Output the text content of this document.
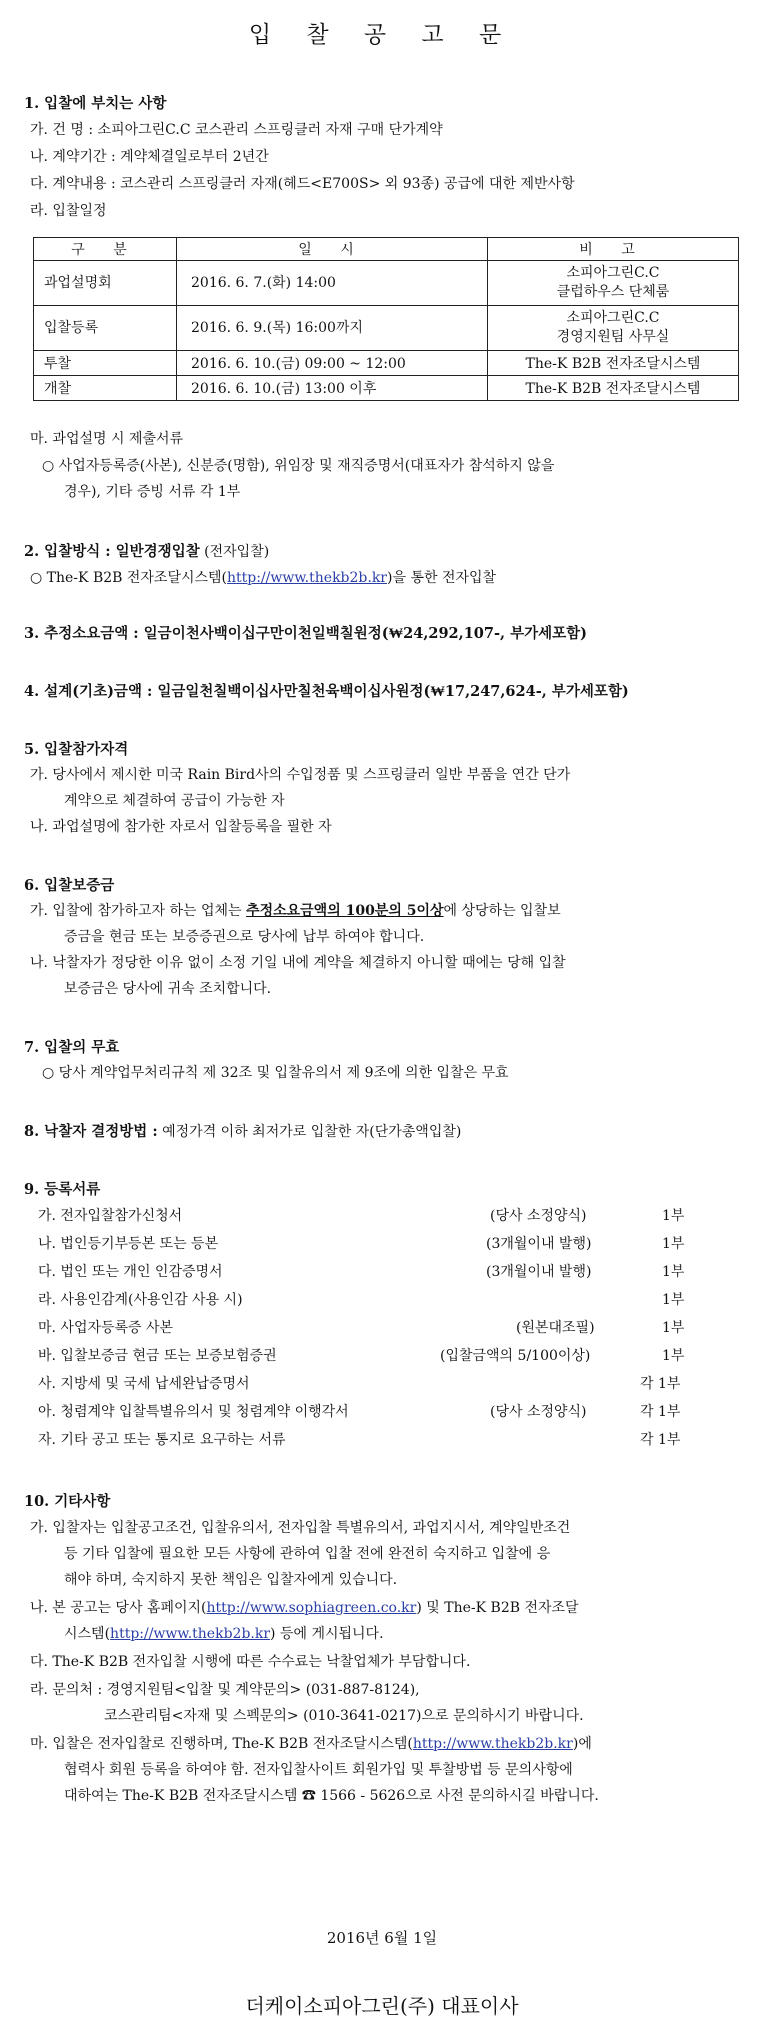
입 찰 공 고 문
1. 입찰에 부치는 사항
가. 건 명 : 소피아그린C.C 코스관리 스프링클러 자재 구매 단가계약
나. 계약기간 : 계약체결일로부터 2년간
다. 계약내용 : 코스관리 스프링클러 자재(헤드<E700S> 외 93종) 공급에 대한 제반사항
라. 입찰일정
구 분	일 시	비 고
과업설명회	2016. 6. 7.(화) 14:00	소피아그린C.C
클럽하우스 단체룸
입찰등록	2016. 6. 9.(목) 16:00까지	소피아그린C.C
경영지원팀 사무실
투찰	2016. 6. 10.(금) 09:00 ~ 12:00	The-K B2B 전자조달시스템
개찰	2016. 6. 10.(금) 13:00 이후	The-K B2B 전자조달시스템
마. 과업설명 시 제출서류
○ 사업자등록증(사본), 신분증(명함), 위임장 및 재직증명서(대표자가 참석하지 않을
경우), 기타 증빙 서류 각 1부
2. 입찰방식 : 일반경쟁입찰 (전자입찰)
○ The-K B2B 전자조달시스템(http://www.thekb2b.kr)을 통한 전자입찰
3. 추정소요금액 : 일금이천사백이십구만이천일백칠원정(₩24,292,107-, 부가세포함)
4. 설계(기초)금액 : 일금일천칠백이십사만칠천육백이십사원정(₩17,247,624-, 부가세포함)
5. 입찰참가자격
가. 당사에서 제시한 미국 Rain Bird사의 수입정품 및 스프링클러 일반 부품을 연간 단가
계약으로 체결하여 공급이 가능한 자
나. 과업설명에 참가한 자로서 입찰등록을 필한 자
6. 입찰보증금
가. 입찰에 참가하고자 하는 업체는 추정소요금액의 100분의 5이상에 상당하는 입찰보
증금을 현금 또는 보증증권으로 당사에 납부 하여야 합니다.
나. 낙찰자가 정당한 이유 없이 소정 기일 내에 계약을 체결하지 아니할 때에는 당해 입찰
보증금은 당사에 귀속 조치합니다.
7. 입찰의 무효
○ 당사 계약업무처리규칙 제 32조 및 입찰유의서 제 9조에 의한 입찰은 무효
8. 낙찰자 결정방법 : 예정가격 이하 최저가로 입찰한 자(단가총액입찰)
9. 등록서류
가. 전자입찰참가신청서	(당사 소정양식)	1부
나. 법인등기부등본 또는 등본	(3개월이내 발행)	1부
다. 법인 또는 개인 인감증명서	(3개월이내 발행)	1부
라. 사용인감계(사용인감 사용 시)	1부
마. 사업자등록증 사본	(원본대조필)	1부
바. 입찰보증금 현금 또는 보증보험증권	(입찰금액의 5/100이상)	1부
사. 지방세 및 국세 납세완납증명서	각 1부
아. 청렴계약 입찰특별유의서 및 청렴계약 이행각서	(당사 소정양식)	각 1부
자. 기타 공고 또는 통지로 요구하는 서류	각 1부
10. 기타사항
가. 입찰자는 입찰공고조건, 입찰유의서, 전자입찰 특별유의서, 과업지시서, 계약일반조건
등 기타 입찰에 필요한 모든 사항에 관하여 입찰 전에 완전히 숙지하고 입찰에 응
해야 하며, 숙지하지 못한 책임은 입찰자에게 있습니다.
나. 본 공고는 당사 홈페이지(http://www.sophiagreen.co.kr) 및 The-K B2B 전자조달
시스템(http://www.thekb2b.kr) 등에 게시됩니다.
다. The-K B2B 전자입찰 시행에 따른 수수료는 낙찰업체가 부담합니다.
라. 문의처 : 경영지원팀<입찰 및 계약문의> (031-887-8124),
코스관리팀<자재 및 스펙문의> (010-3641-0217)으로 문의하시기 바랍니다.
마. 입찰은 전자입찰로 진행하며, The-K B2B 전자조달시스템(http://www.thekb2b.kr)에
협력사 회원 등록을 하여야 함. 전자입찰사이트 회원가입 및 투찰방법 등 문의사항에
대하여는 The-K B2B 전자조달시스템 ☎ 1566 - 5626으로 사전 문의하시길 바랍니다.
2016년 6월 1일
더케이소피아그린(주) 대표이사
